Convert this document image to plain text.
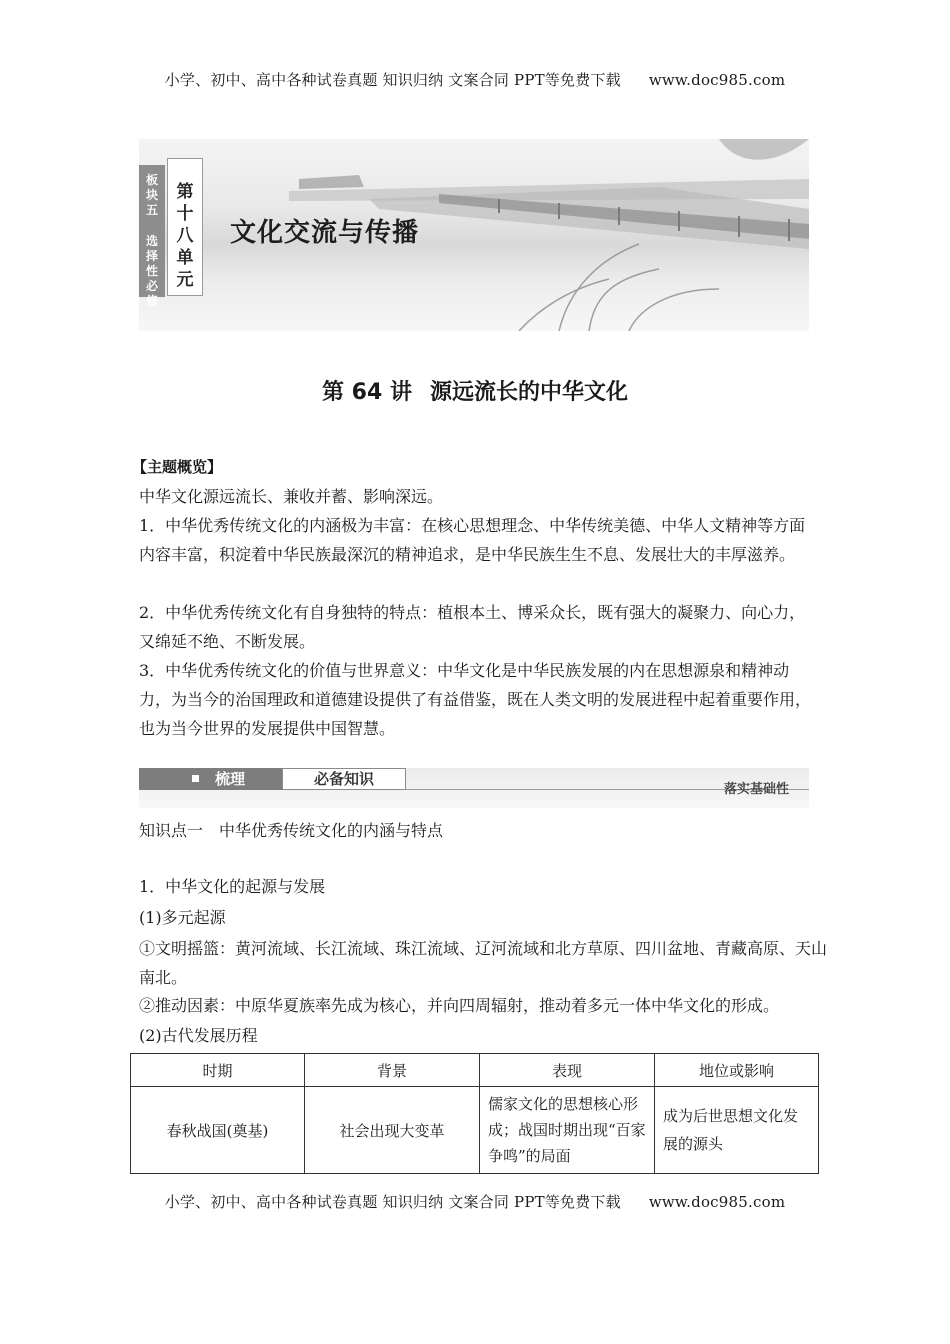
小学、初中、高中各种试卷真题 知识归纳 文案合同 PPT等免费下载 www.doc985.com
板块五
选择性必修
第十八单元
文化交流与传播
第 64 讲 源远流长的中华文化
【主题概览】
中华文化源远流长、兼收并蓄、影响深远。
1．中华优秀传统文化的内涵极为丰富：在核心思想理念、中华传统美德、中华人文精神等方面内容丰富，积淀着中华民族最深沉的精神追求，是中华民族生生不息、发展壮大的丰厚滋养。
2．中华优秀传统文化有自身独特的特点：植根本土、博采众长，既有强大的凝聚力、向心力，又绵延不绝、不断发展。
3．中华优秀传统文化的价值与世界意义：中华文化是中华民族发展的内在思想源泉和精神动力，为当今的治国理政和道德建设提供了有益借鉴，既在人类文明的发展进程中起着重要作用，也为当今世界的发展提供中国智慧。
梳理	必备知识
落实基础性
知识点一　中华优秀传统文化的内涵与特点
1．中华文化的起源与发展
(1)多元起源
①文明摇篮：黄河流域、长江流域、珠江流域、辽河流域和北方草原、四川盆地、青藏高原、天山南北。
②推动因素：中原华夏族率先成为核心，并向四周辐射，推动着多元一体中华文化的形成。
(2)古代发展历程
时期	背景	表现	地位或影响
春秋战国(奠基)	社会出现大变革	儒家文化的思想核心形成；战国时期出现“百家争鸣”的局面	成为后世思想文化发展的源头
小学、初中、高中各种试卷真题 知识归纳 文案合同 PPT等免费下载 www.doc985.com
